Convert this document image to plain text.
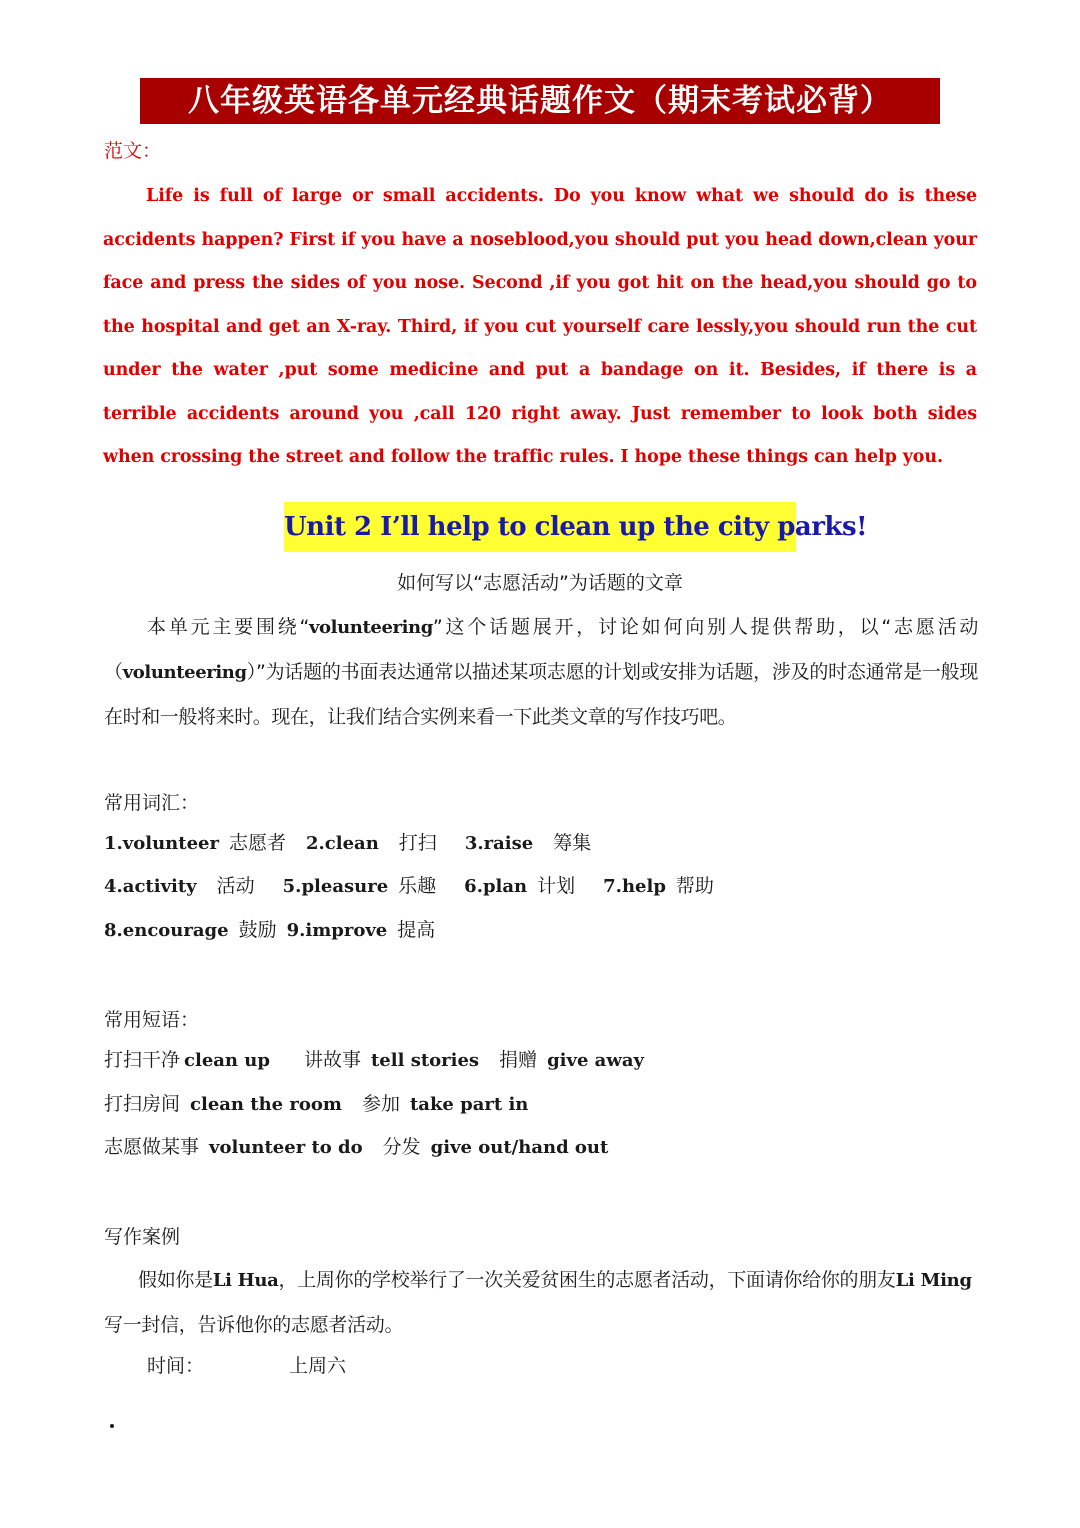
八年级英语各单元经典话题作文（期末考试必背）
范文：

Life is full of large or small accidents. Do you know what we should do is these accidents happen? First if you have a noseblood,you should put you head down,clean your face and press the sides of you nose. Second ,if you got hit on the head,you should go to the hospital and get an X-ray. Third, if you cut yourself care lessly,you should run the cut under the water ,put some medicine and put a bandage on it. Besides, if there is a terrible accidents around you ,call 120 right away. Just remember to look both sides when crossing the street and follow the traffic rules. I hope these things can help you.

Unit 2 I’ll help to clean up the city parks!
如何写以“志愿活动”为话题的文章

本单元主要围绕“volunteering”这个话题展开，讨论如何向别人提供帮助，以“志愿活动（volunteering）”为话题的书面表达通常以描述某项志愿的计划或安排为话题，涉及的时态通常是一般现在时和一般将来时。现在，让我们结合实例来看一下此类文章的写作技巧吧。

常用词汇：
1.volunteer 志愿者 2.clean 打扫 3.raise 筹集
4.activity 活动 5.pleasure 乐趣 6.plan 计划 7.help 帮助
8.encourage 鼓励 9.improve 提高
常用短语：
打扫干净 clean up 讲故事 tell stories 捐赠 give away
打扫房间 clean the room 参加 take part in
志愿做某事 volunteer to do 分发 give out/hand out
写作案例

假如你是Li Hua，上周你的学校举行了一次关爱贫困生的志愿者活动，下面请你给你的朋友Li Ming写一封信，告诉他你的志愿者活动。

时间：	上周六
